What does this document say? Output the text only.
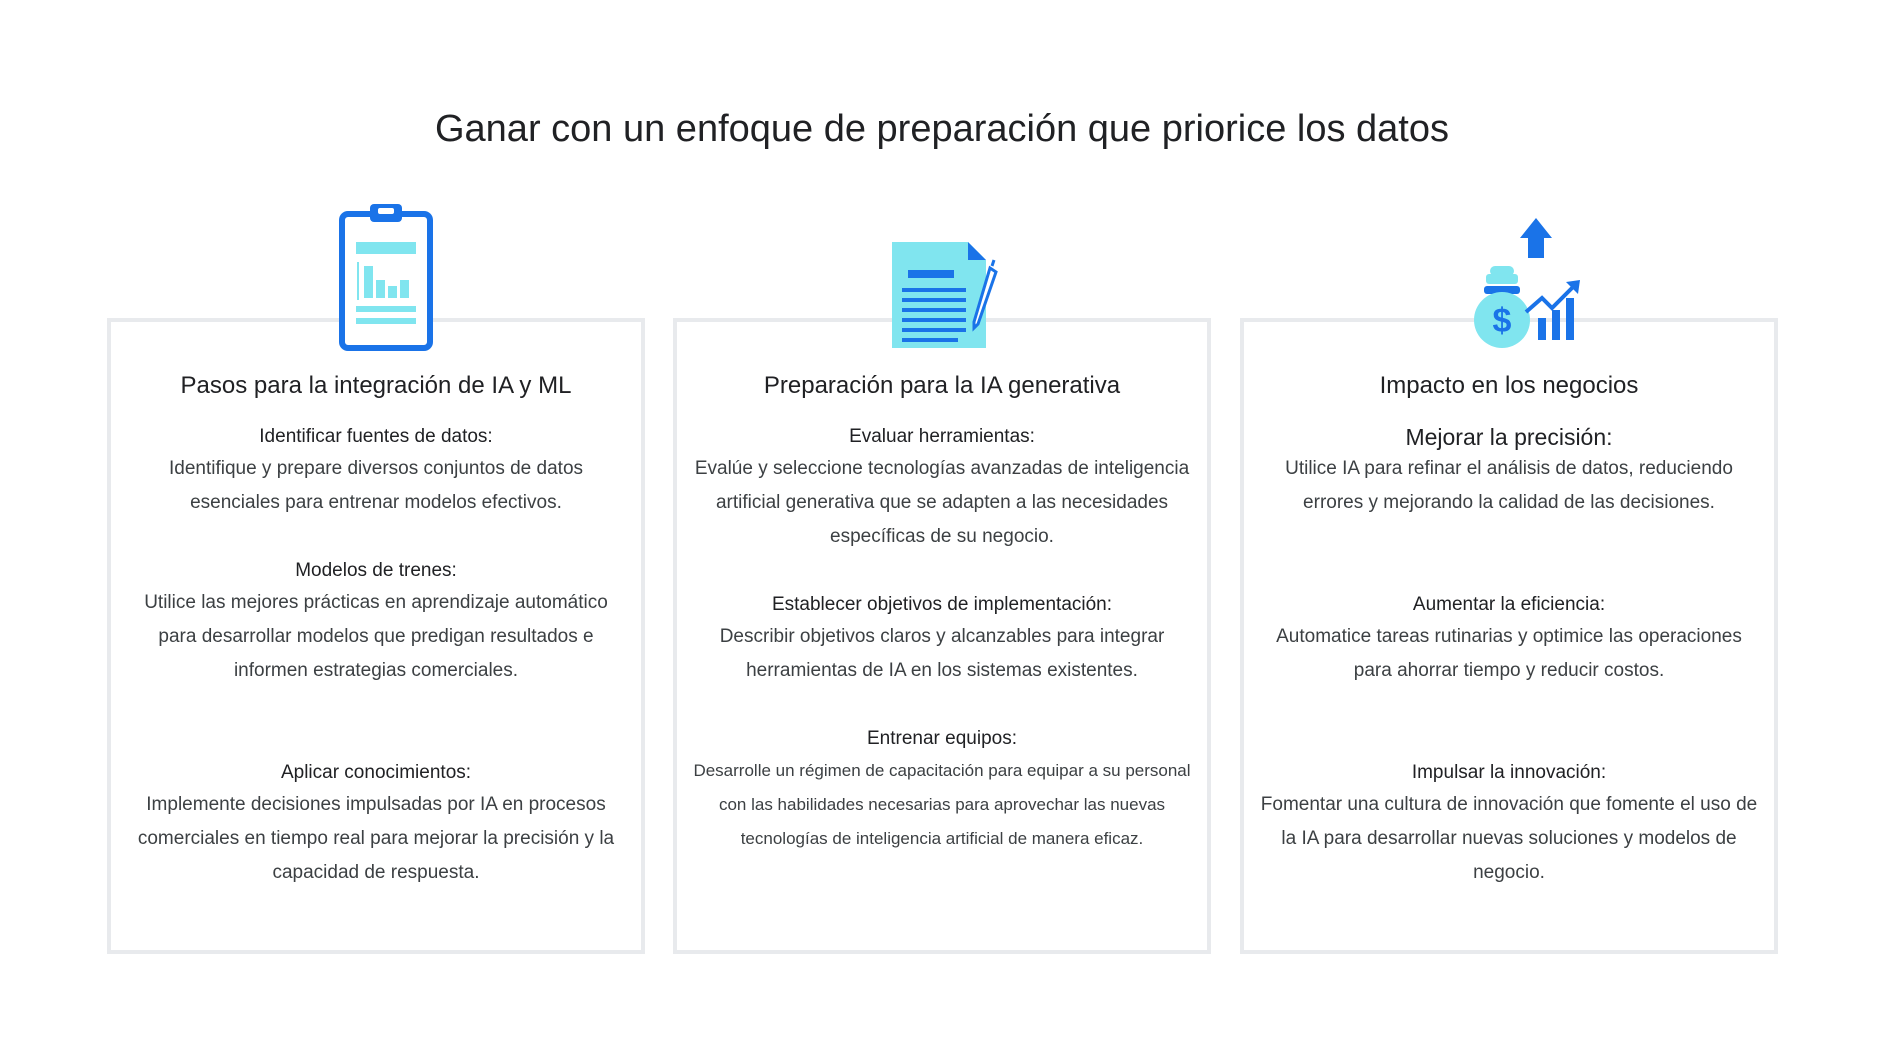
Ganar con un enfoque de preparación que priorice los datos
Pasos para la integración de IA y ML
Identificar fuentes de datos:
Identifique y prepare diversos conjuntos de datos esenciales para entrenar modelos efectivos.
Modelos de trenes:
Utilice las mejores prácticas en aprendizaje automático para desarrollar modelos que predigan resultados e informen estrategias comerciales.
Aplicar conocimientos:
Implemente decisiones impulsadas por IA en procesos comerciales en tiempo real para mejorar la precisión y la capacidad de respuesta.
Preparación para la IA generativa
Evaluar herramientas:
Evalúe y seleccione tecnologías avanzadas de inteligencia artificial generativa que se adapten a las necesidades específicas de su negocio.
Establecer objetivos de implementación:
Describir objetivos claros y alcanzables para integrar herramientas de IA en los sistemas existentes.
Entrenar equipos:
Desarrolle un régimen de capacitación para equipar a su personal con las habilidades necesarias para aprovechar las nuevas tecnologías de inteligencia artificial de manera eficaz.
Impacto en los negocios
Mejorar la precisión:
Utilice IA para refinar el análisis de datos, reduciendo errores y mejorando la calidad de las decisiones.
Aumentar la eficiencia:
Automatice tareas rutinarias y optimice las operaciones para ahorrar tiempo y reducir costos.
Impulsar la innovación:
Fomentar una cultura de innovación que fomente el uso de la IA para desarrollar nuevas soluciones y modelos de negocio.
$
